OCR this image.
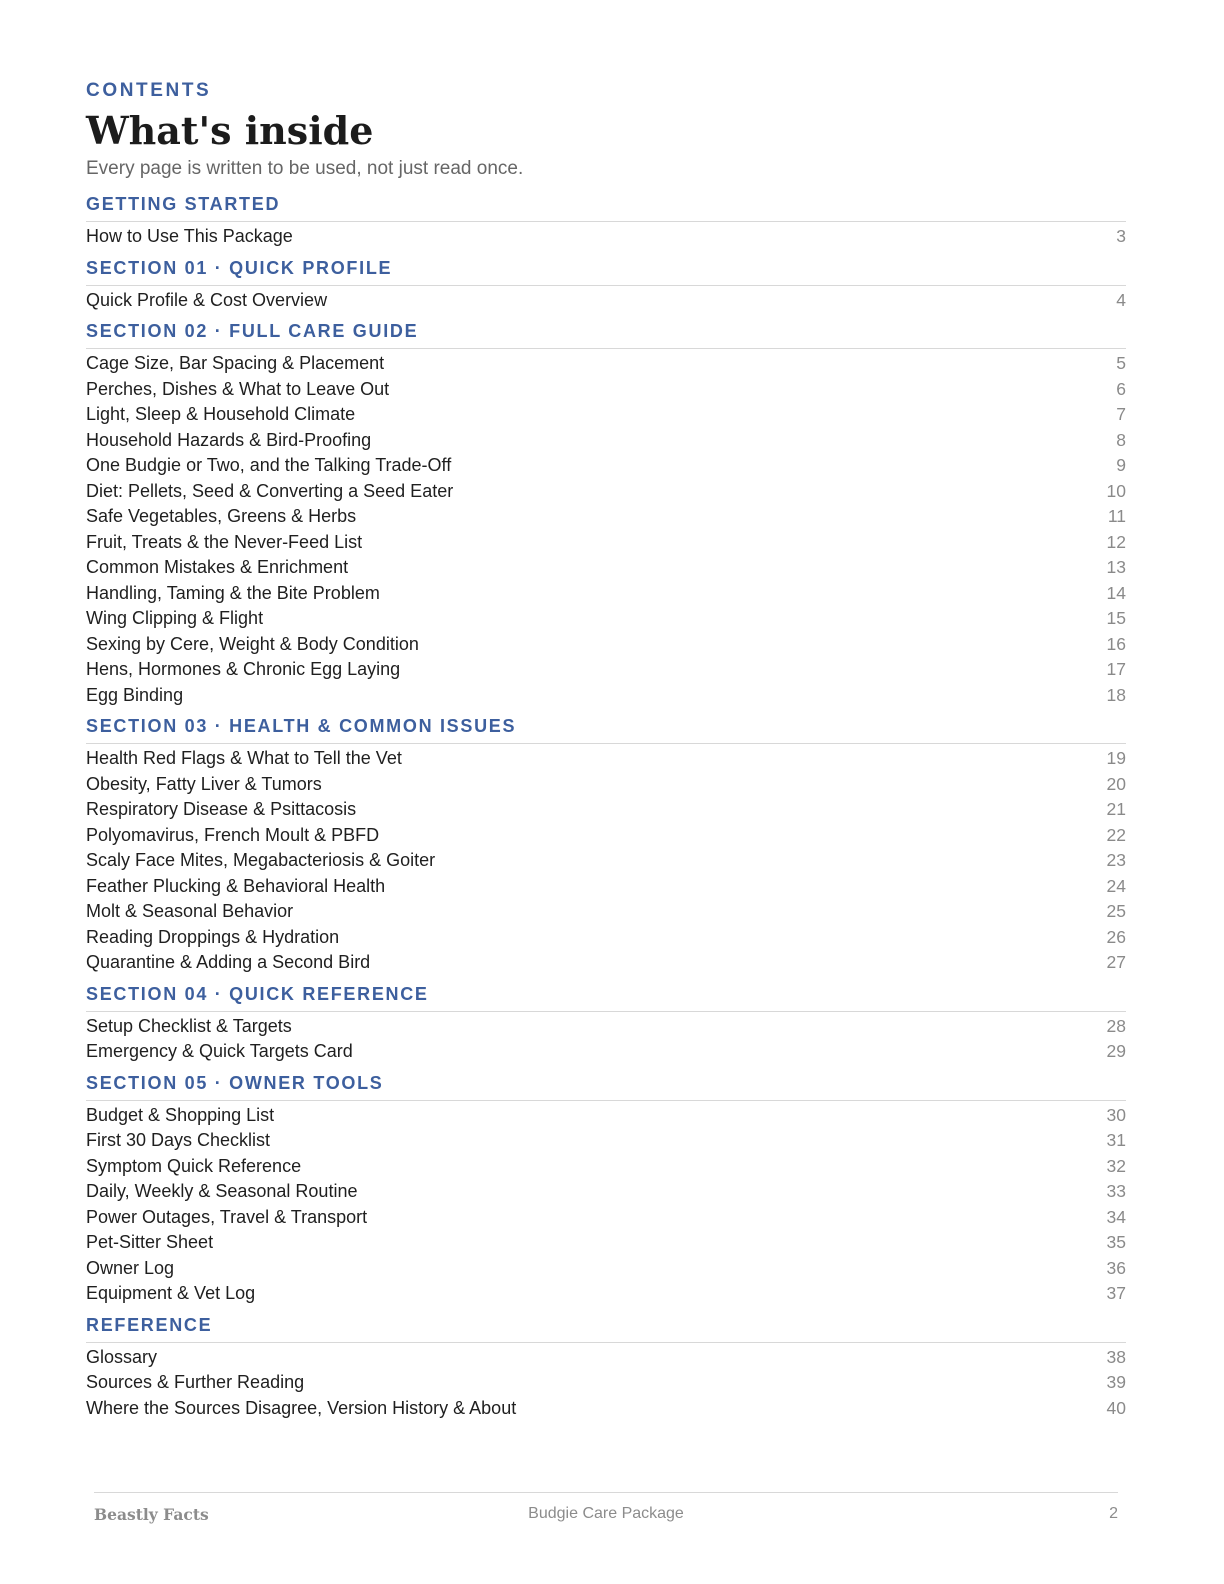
CONTENTS
What's inside
Every page is written to be used, not just read once.
GETTING STARTED
How to Use This Package	3
SECTION 01 · QUICK PROFILE
Quick Profile & Cost Overview	4
SECTION 02 · FULL CARE GUIDE
Cage Size, Bar Spacing & Placement	5
Perches, Dishes & What to Leave Out	6
Light, Sleep & Household Climate	7
Household Hazards & Bird-Proofing	8
One Budgie or Two, and the Talking Trade-Off	9
Diet: Pellets, Seed & Converting a Seed Eater	10
Safe Vegetables, Greens & Herbs	11
Fruit, Treats & the Never-Feed List	12
Common Mistakes & Enrichment	13
Handling, Taming & the Bite Problem	14
Wing Clipping & Flight	15
Sexing by Cere, Weight & Body Condition	16
Hens, Hormones & Chronic Egg Laying	17
Egg Binding	18
SECTION 03 · HEALTH & COMMON ISSUES
Health Red Flags & What to Tell the Vet	19
Obesity, Fatty Liver & Tumors	20
Respiratory Disease & Psittacosis	21
Polyomavirus, French Moult & PBFD	22
Scaly Face Mites, Megabacteriosis & Goiter	23
Feather Plucking & Behavioral Health	24
Molt & Seasonal Behavior	25
Reading Droppings & Hydration	26
Quarantine & Adding a Second Bird	27
SECTION 04 · QUICK REFERENCE
Setup Checklist & Targets	28
Emergency & Quick Targets Card	29
SECTION 05 · OWNER TOOLS
Budget & Shopping List	30
First 30 Days Checklist	31
Symptom Quick Reference	32
Daily, Weekly & Seasonal Routine	33
Power Outages, Travel & Transport	34
Pet-Sitter Sheet	35
Owner Log	36
Equipment & Vet Log	37
REFERENCE
Glossary	38
Sources & Further Reading	39
Where the Sources Disagree, Version History & About	40
Beastly Facts	Budgie Care Package	2
